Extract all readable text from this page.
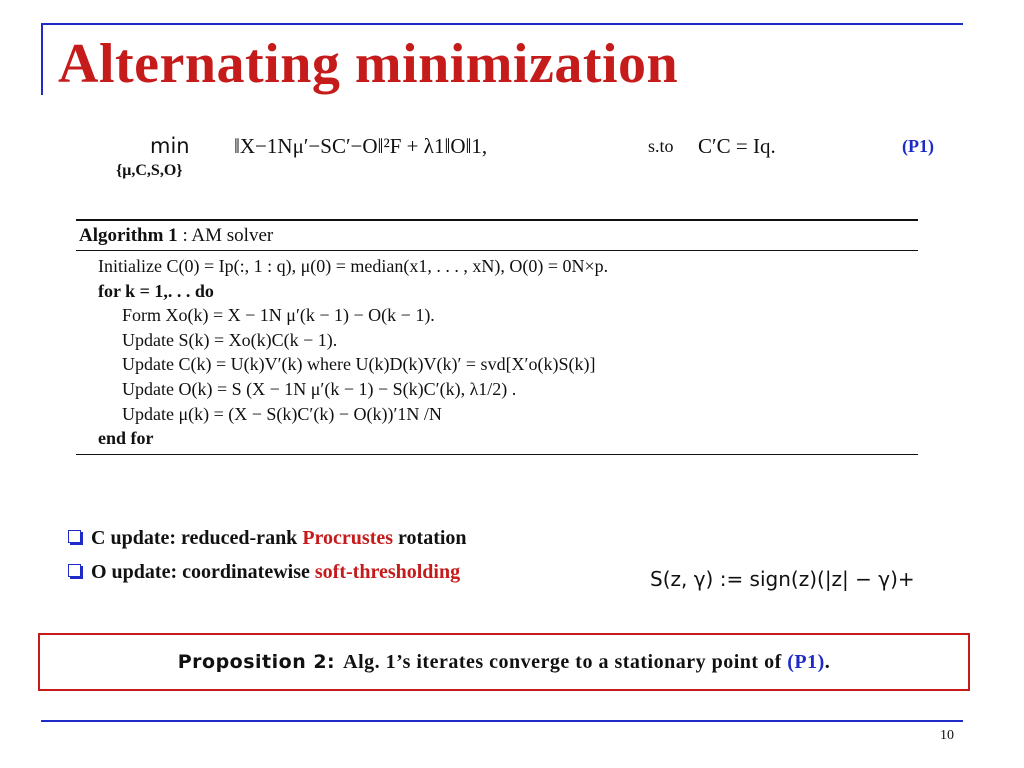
Alternating minimization
min
{μ,C,S,O}
‖X−1Nμ′−SC′−O‖²F + λ1‖O‖1,	s.to C′C = Iq.	(P1)
Algorithm 1 : AM solver
Initialize C(0) = Ip(:, 1 : q), μ(0) = median(x1, . . . , xN), O(0) = 0N×p.
for k = 1,. . . do
Form Xo(k) = X − 1N μ′(k − 1) − O(k − 1).
Update S(k) = Xo(k)C(k − 1).
Update C(k) = U(k)V′(k) where U(k)D(k)V(k)′ = svd[X′o(k)S(k)]
Update O(k) = S (X − 1N μ′(k − 1) − S(k)C′(k), λ1/2) .
Update μ(k) = (X − S(k)C′(k) − O(k))′1N /N
end for
C update: reduced-rank Procrustes rotation
O update: coordinatewise soft-thresholding	S(z, γ) := sign(z)(|z| − γ)+
Proposition 2: Alg. 1’s iterates converge to a stationary point of
(P1) .
10
